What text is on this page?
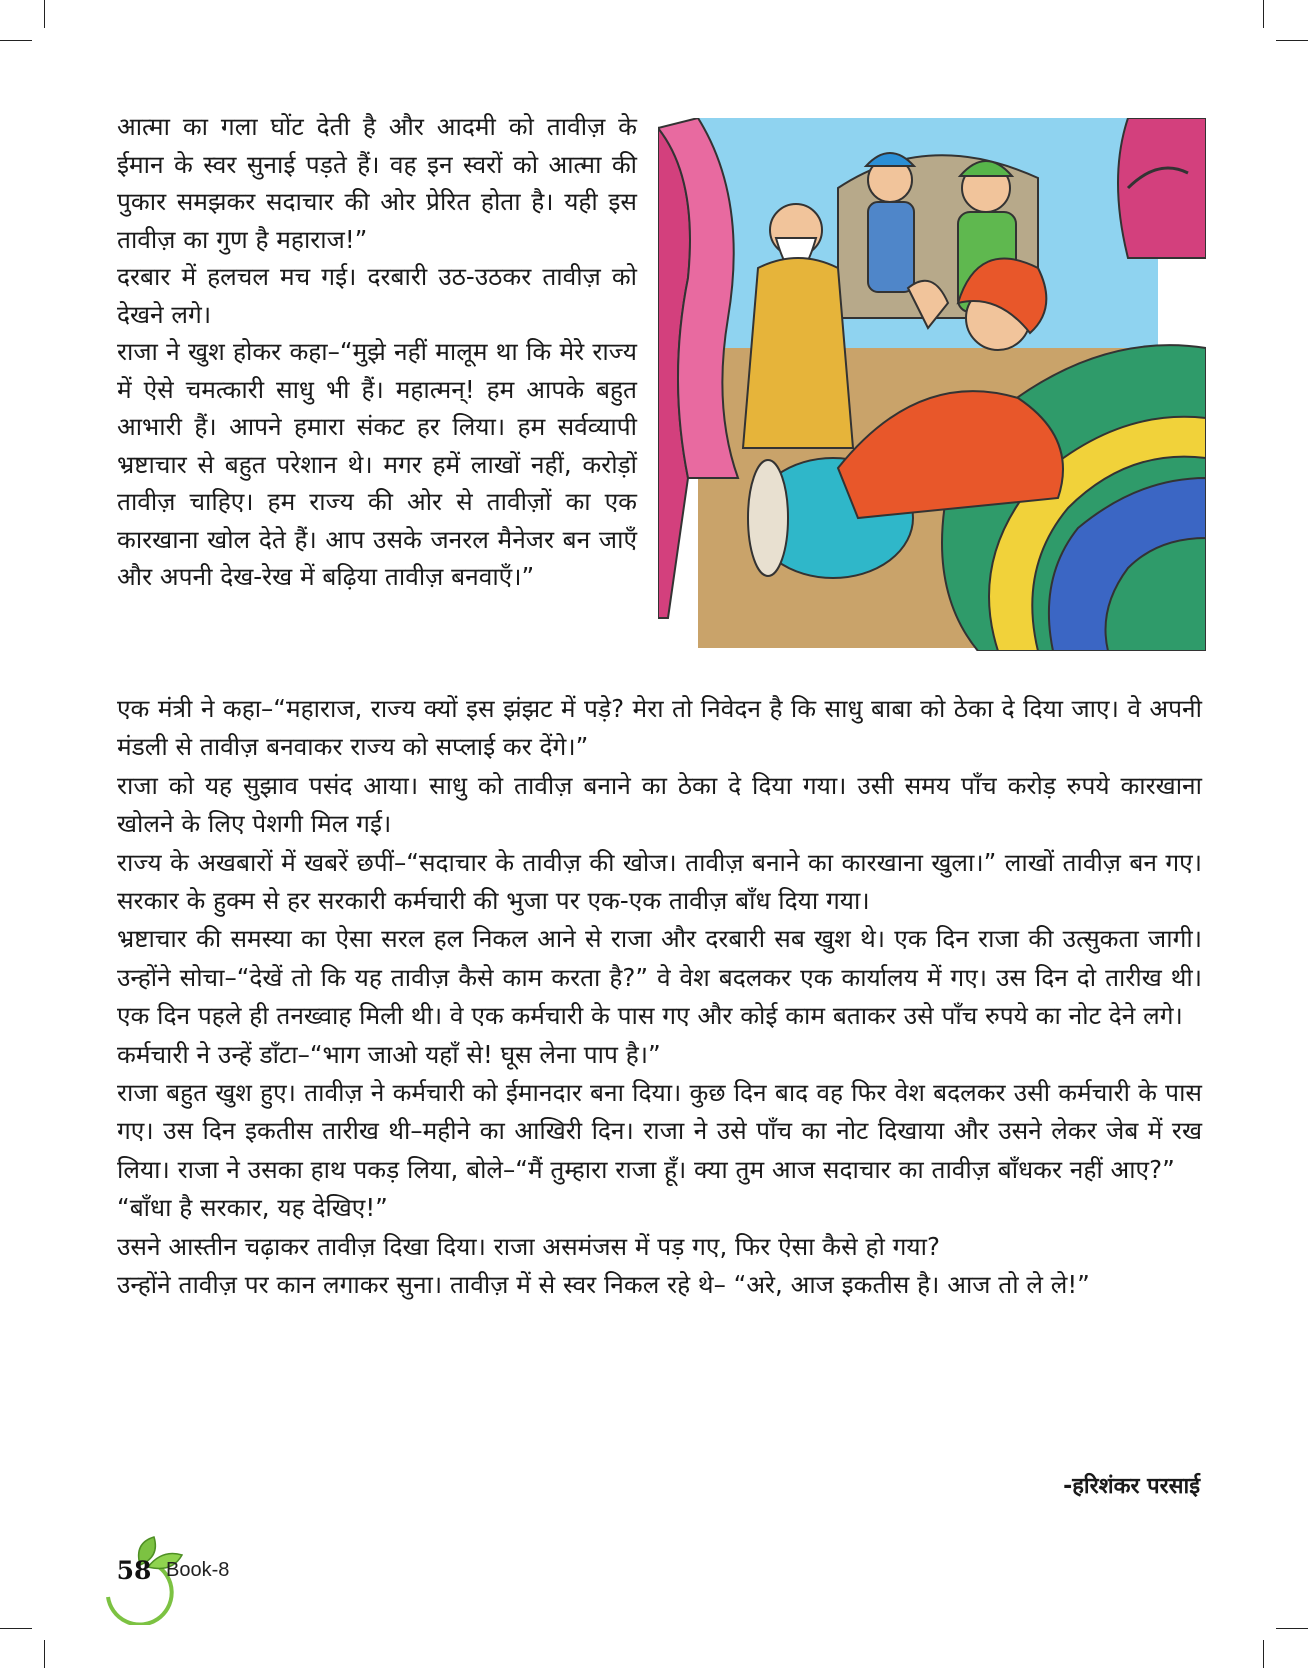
आत्मा का गला घोंट देती है और आदमी को तावीज़ के ईमान के स्वर सुनाई पड़ते हैं। वह इन स्वरों को आत्मा की पुकार समझकर सदाचार की ओर प्रेरित होता है। यही इस तावीज़ का गुण है महाराज!”

दरबार में हलचल मच गई। दरबारी उठ-उठकर तावीज़ को देखने लगे।

राजा ने खुश होकर कहा–“मुझे नहीं मालूम था कि मेरे राज्य में ऐसे चमत्कारी साधु भी हैं। महात्मन्! हम आपके बहुत आभारी हैं। आपने हमारा संकट हर लिया। हम सर्वव्यापी भ्रष्टाचार से बहुत परेशान थे। मगर हमें लाखों नहीं, करोड़ों तावीज़ चाहिए। हम राज्य की ओर से तावीज़ों का एक कारखाना खोल देते हैं। आप उसके जनरल मैनेजर बन जाएँ और अपनी देख-रेख में बढ़िया तावीज़ बनवाएँ।”

एक मंत्री ने कहा–“महाराज, राज्य क्यों इस झंझट में पड़े? मेरा तो निवेदन है कि साधु बाबा को ठेका दे दिया जाए। वे अपनी मंडली से तावीज़ बनवाकर राज्य को सप्लाई कर देंगे।”

राजा को यह सुझाव पसंद आया। साधु को तावीज़ बनाने का ठेका दे दिया गया। उसी समय पाँच करोड़ रुपये कारखाना खोलने के लिए पेशगी मिल गई।

राज्य के अखबारों में खबरें छपीं–“सदाचार के तावीज़ की खोज। तावीज़ बनाने का कारखाना खुला।” लाखों तावीज़ बन गए। सरकार के हुक्म से हर सरकारी कर्मचारी की भुजा पर एक-एक तावीज़ बाँध दिया गया।

भ्रष्टाचार की समस्या का ऐसा सरल हल निकल आने से राजा और दरबारी सब खुश थे। एक दिन राजा की उत्सुकता जागी। उन्होंने सोचा–“देखें तो कि यह तावीज़ कैसे काम करता है?” वे वेश बदलकर एक कार्यालय में गए। उस दिन दो तारीख थी। एक दिन पहले ही तनख्वाह मिली थी। वे एक कर्मचारी के पास गए और कोई काम बताकर उसे पाँच रुपये का नोट देने लगे।

कर्मचारी ने उन्हें डाँटा–“भाग जाओ यहाँ से! घूस लेना पाप है।”

राजा बहुत खुश हुए। तावीज़ ने कर्मचारी को ईमानदार बना दिया। कुछ दिन बाद वह फिर वेश बदलकर उसी कर्मचारी के पास गए। उस दिन इकतीस तारीख थी–महीने का आखिरी दिन। राजा ने उसे पाँच का नोट दिखाया और उसने लेकर जेब में रख लिया। राजा ने उसका हाथ पकड़ लिया, बोले–“मैं तुम्हारा राजा हूँ। क्या तुम आज सदाचार का तावीज़ बाँधकर नहीं आए?”

“बाँधा है सरकार, यह देखिए!”

उसने आस्तीन चढ़ाकर तावीज़ दिखा दिया। राजा असमंजस में पड़ गए, फिर ऐसा कैसे हो गया?

उन्होंने तावीज़ पर कान लगाकर सुना। तावीज़ में से स्वर निकल रहे थे– “अरे, आज इकतीस है। आज तो ले ले!”

-हरिशंकर परसाई
58 Book-8
